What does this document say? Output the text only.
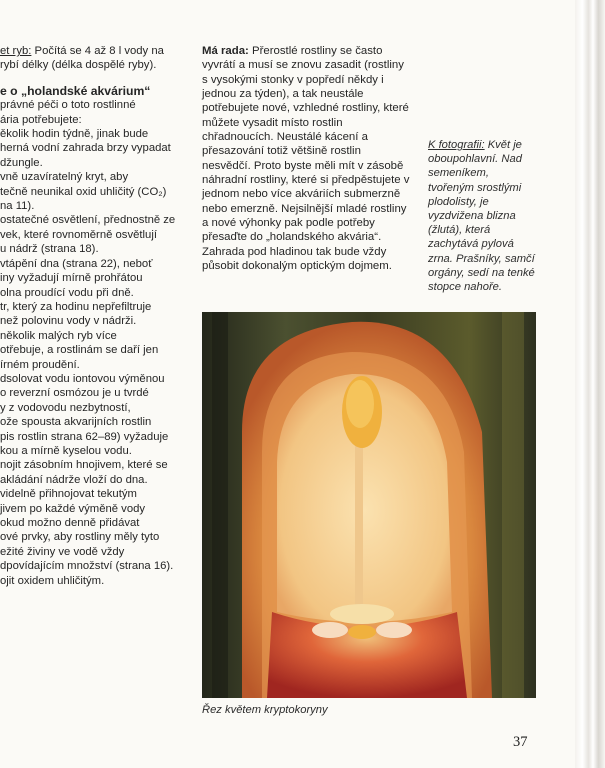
et ryb: Počítá se 4 až 8 l vody na

rybí délky (délka dospělé ryby).

e o „holandské akvárium“

právné péči o toto rostlinné

ária potřebujete:

ěkolik hodin týdně, jinak bude

herná vodní zahrada brzy vypadat

džungle.

vně uzavíratelný kryt, aby

tečně neunikal oxid uhličitý (CO₂)

na 11).

ostatečné osvětlení, přednostně ze

vek, které rovnoměrně osvětlují

u nádrž (strana 18).

vtápění dna (strana 22), neboť

iny vyžadují mírně prohřátou

olna proudící vodu při dně.

tr, který za hodinu nepřefiltruje

než polovinu vody v nádrži.

několik malých ryb více

otřebuje, a rostlinám se daří jen

írném proudění.

dsolovat vodu iontovou výměnou

o reverzní osmózou je u tvrdé

y z vodovodu nezbytností,

ože spousta akvarijních rostlin

pis rostlin strana 62–89) vyžaduje

kou a mírně kyselou vodu.

nojit zásobním hnojivem, které se

akládání nádrže vloží do dna.

videlně přihnojovat tekutým

jivem po každé výměně vody

okud možno denně přidávat

ové prvky, aby rostliny měly tyto

ežité živiny ve vodě vždy

dpovídajícím množství (strana 16).

ojit oxidem uhličitým.

Má rada: Přerostlé rostliny se často vyvrátí a musí se znovu zasadit (rostliny s vysokými stonky v popředí někdy i jednou za týden), a tak neustále potřebujete nové, vzhledné rostliny, které můžete vysadit místo rostlin chřadnoucích. Neustálé kácení a přesazování totiž většině rostlin nesvědčí. Proto byste měli mít v zásobě náhradní rostliny, které si předpěstujete v jednom nebo více akváriích submerzně nebo emerzně. Nejsilnější mladé rostliny a nové výhonky pak podle potřeby přesaďte do „holandského akvária“. Zahrada pod hladinou tak bude vždy působit dokonalým optickým dojmem.

K fotografii: Květ je oboupohlavní. Nad semeníkem, tvořeným srostlými plodolisty, je vyzdvižena blizna (žlutá), která zachytává pylová zrna. Prašníky, samčí orgány, sedí na tenké stopce nahoře.

Řez květem kryptokoryny
37
